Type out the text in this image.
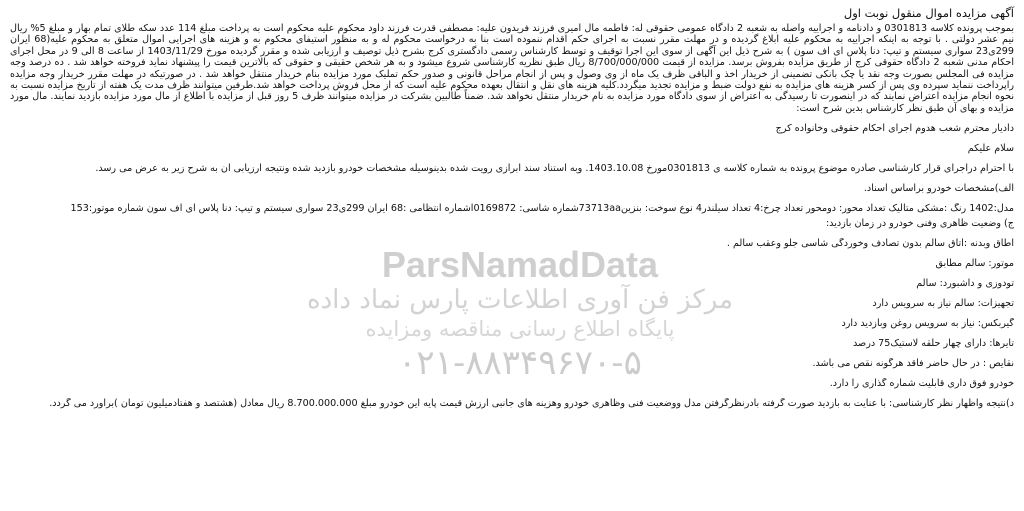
آگهی مزایده اموال منقول نوبت اول

بموجب پرونده کلاسه 0301813 و دادنامه و اجراییه واصله به شعبه 2 دادگاه عمومی حقوقی له: فاطمه مال امیری فرزند فریدون علیه: مصطفی قدرت فرزند داود محکوم علیه محکوم است به پرداخت مبلغ 114 عدد سکه طلای تمام بهار و مبلغ 5% ریال نیم عشر دولتی . با توجه به اینکه اجراییه به محکوم علیه ابلاغ گردیده و در مهلت مقرر نسبت به اجرای حکم اقدام ننموده است بنا به درخواست محکوم له و به منظور استیفای محکوم به و هزینه های اجرایی اموال متعلق به محکوم علیه(68 ایران 299ی23 سواری سیستم و تیپ: دنا پلاس ای اف سون ) به شرح ذیل این آگهی از سوی این اجرا توقیف و توسط کارشناس رسمی دادگستری کرج بشرح ذیل توصیف و ارزیابی شده و مقرر گردیده مورخ 1403/11/29 از ساعت 8 الی 9 در محل اجرای احکام مدنی شعبه 2 دادگاه حقوقی کرج از طریق مزایده بفروش برسد. مزایده از قیمت 8/700/000/000 ریال طبق نظریه کارشناسی شروع میشود و به هر شخص حقیقی و حقوقی که بالاترین قیمت را پیشنهاد نماید فروخته خواهد شد . ده درصد وجه مزایده فی المجلس بصورت وجه نقد یا چک بانکی تضمینی از خریدار اخذ و الباقی ظرف یک ماه از وی وصول و پس از انجام مراحل قانونی و صدور حکم تملیک مورد مزایده بنام خریدار منتقل خواهد شد . در صورتیکه در مهلت مقرر خریدار وجه مزایده راپرداخت ننماید سپرده وی پس از کسر هزینه های مزایده به نفع دولت ضبط و مزایده تجدید میگردد.کلیه هزینه های نقل و انتقال بعهده محکوم علیه است که از محل فروش پرداخت خواهد شد.طرفین میتوانند ظرف مدت یک هفته از تاریخ مزایده نسبت به نحوه انجام مزایده اعتراض نمایند که در اینصورت تا رسیدگی به اعتراض از سوی دادگاه مورد مزایده به نام خریدار منتقل نخواهد شد. ضمناً طالبین بشرکت در مزایده میتوانند ظرف 5 روز قبل از مزایده با اطلاع از مال مورد مزایده بازدید نمایند. مال مورد مزایده و بهای آن طبق نظر کارشناس بدین شرح است:

دادیار محترم شعب هدوم اجرای احکام حقوقی وخانواده کرج
سلام علیکم
با احترام دراجرای قرار کارشناسی صادره موضوع پرونده به شماره کلاسه ی 0301813مورخ 1403.10.08. وبه استناد سند ابرازی رویت شده بدینوسیله مشخصات خودرو بازدید شده ونتیجه ارزیابی آن به شرح زیر به عرض می رسد.
الف)مشخصات خودرو براساس اسناد.
مدل:1402 رنگ :مشکی متالیک تعداد محور: دومحور تعداد چرخ:4 تعداد سیلندر4 نوع سوخت: بنزین73713aaشماره شاسی: 0169872اشماره انتظامی :68 ایران 299ی23 سواری سیستم و تیپ: دنا پلاس ای اف سون شماره موتور:153
ج) وضعیت ظاهری وفنی خودرو در زمان بازدید:
اطاق وبدنه :اتاق سالم بدون تصادف وخوردگی شاسی جلو وعقب سالم .
موتور: سالم مطابق
تودوزی و داشبورد: سالم
تجهیزات: سالم نیاز به سرویس دارد
گیربکس: نیاز به سرویس روغن وبازدید دارد
تایرها: دارای چهار حلقه لاستیک75 درصد
نقایص : در حال حاضر فاقد هرگونه نقص می باشد.
خودرو فوق داری قابلیت شماره گذاری را دارد.
د)نتیجه واظهار نظر کارشناسی: با عنایت به بازدید صورت گرفته بادرنظرگرفتن مدل ووضعیت فنی وظاهری خودرو وهزینه های جانبی ارزش قیمت پایه این خودرو مبلغ 8.700.000.000 ریال معادل (هشتصد و هفتادمیلیون تومان )برآورد می گردد.
ParsNamadData
مرکز فن آوری اطلاعات پارس نماد داده
پایگاه اطلاع رسانی مناقصه ومزایده
۰۲۱-۸۸۳۴۹۶۷۰-۵
